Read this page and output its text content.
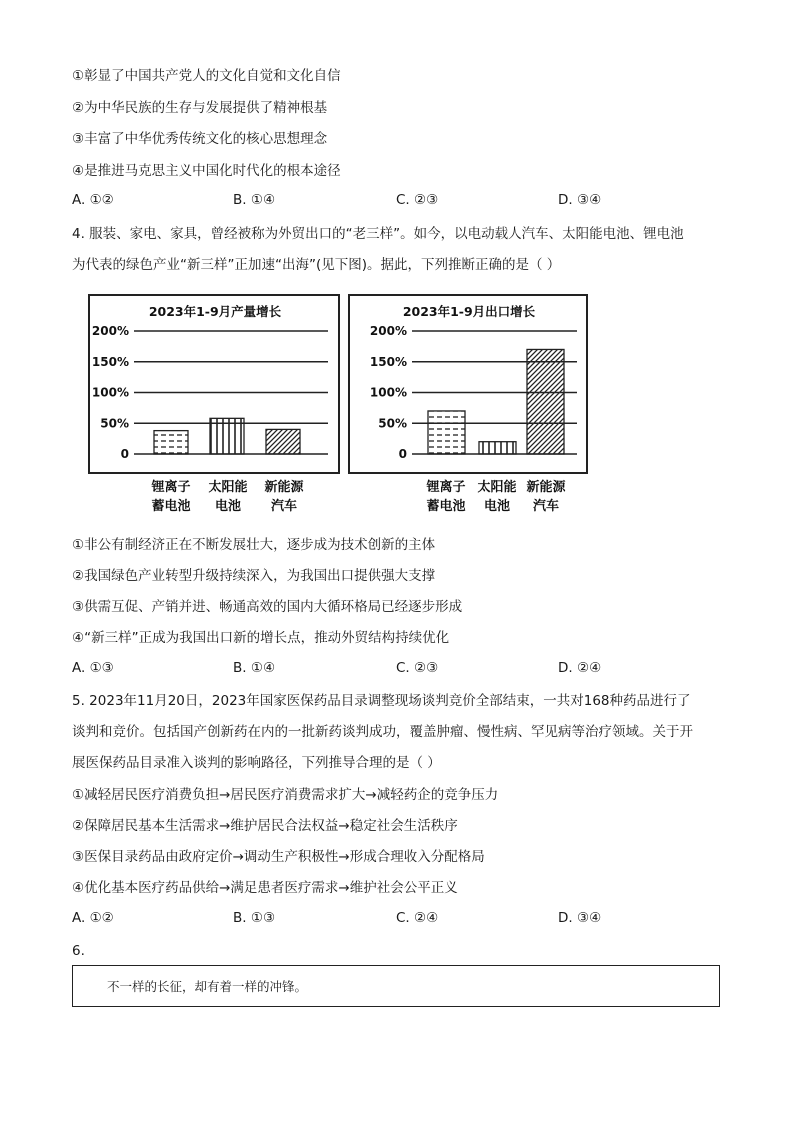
①彰显了中国共产党人的文化自觉和文化自信
②为中华民族的生存与发展提供了精神根基
③丰富了中华优秀传统文化的核心思想理念
④是推进马克思主义中国化时代化的根本途径
A. ①②	B. ①④	C. ②③	D. ③④
4. 服装、家电、家具，曾经被称为外贸出口的“老三样”。如今，以电动载人汽车、太阳能电池、锂电池
为代表的绿色产业“新三样”正加速“出海”(见下图)。据此，下列推断正确的是（ ）
2023年1-9月产量增长
0
50%
100%
150%
200%
锂离子
蓄电池
太阳能
电池
新能源
汽车
2023年1-9月出口增长
0
50%
100%
150%
200%
锂离子
蓄电池
太阳能
电池
新能源
汽车
①非公有制经济正在不断发展壮大，逐步成为技术创新的主体
②我国绿色产业转型升级持续深入，为我国出口提供强大支撑
③供需互促、产销并进、畅通高效的国内大循环格局已经逐步形成
④“新三样”正成为我国出口新的增长点，推动外贸结构持续优化
A. ①③	B. ①④	C. ②③	D. ②④
5. 2023年11月20日，2023年国家医保药品目录调整现场谈判竞价全部结束，一共对168种药品进行了
谈判和竞价。包括国产创新药在内的一批新药谈判成功，覆盖肿瘤、慢性病、罕见病等治疗领域。关于开
展医保药品目录准入谈判的影响路径，下列推导合理的是（ ）
①减轻居民医疗消费负担→居民医疗消费需求扩大→减轻药企的竞争压力
②保障居民基本生活需求→维护居民合法权益→稳定社会生活秩序
③医保目录药品由政府定价→调动生产积极性→形成合理收入分配格局
④优化基本医疗药品供给→满足患者医疗需求→维护社会公平正义
A. ①②	B. ①③	C. ②④	D. ③④
6.
不一样的长征，却有着一样的冲锋。
